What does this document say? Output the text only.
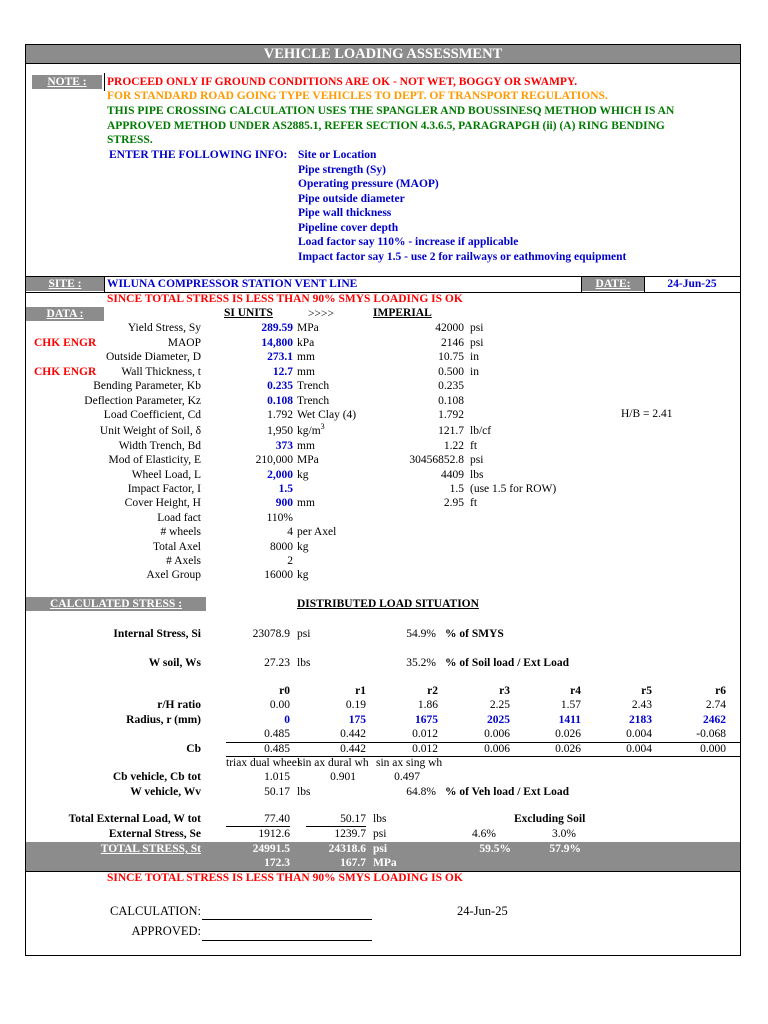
VEHICLE LOADING ASSESSMENT
NOTE :	PROCEED ONLY IF GROUND CONDITIONS ARE OK - NOT WET, BOGGY OR SWAMPY.
FOR STANDARD ROAD GOING TYPE VEHICLES TO DEPT. OF TRANSPORT REGULATIONS.
THIS PIPE CROSSING CALCULATION USES THE SPANGLER AND BOUSSINESQ METHOD WHICH IS AN
APPROVED METHOD UNDER AS2885.1, REFER SECTION 4.3.6.5, PARAGRAPGH (ii) (A) RING BENDING
STRESS.
ENTER THE FOLLOWING INFO: Site or Location
Pipe strength (Sy)
Operating pressure (MAOP)
Pipe outside diameter
Pipe wall thickness
Pipeline cover depth
Load factor say 110% - increase if applicable
Impact factor say 1.5 - use 2 for railways or eathmoving equipment
SITE :	WILUNA COMPRESSOR STATION VENT LINE	DATE:	24-Jun-25
SINCE TOTAL STRESS IS LESS THAN 90% SMYS LOADING IS OK
DATA :	SI UNITS	>>>>	IMPERIAL
Yield Stress, Sy	289.59 MPa	42000 psi
CHK ENGR	MAOP	14,800 kPa	2146 psi
Outside Diameter, D	273.1 mm	10.75 in
CHK ENGR	Wall Thickness, t	12.7 mm	0.500 in
Bending Parameter, Kb	0.235 Trench	0.235
Deflection Parameter, Kz	0.108 Trench	0.108
Load Coefficient, Cd	1.792 Wet Clay (4)	1.792
Unit Weight of Soil, δ	1,950 $kg/m^3$	121.7 lb/cf
Width Trench, Bd	373 mm	1.22 ft
Mod of Elasticity, E	210,000 MPa	30456852.8 psi
Wheel Load, L	2,000 kg	4409 lbs
Impact Factor, I	1.5	1.5 (use 1.5 for ROW)
Cover Height, H	900 mm	2.95 ft
Load fact	110%
# wheels	4 per Axel
Total Axel	8000 kg
# Axels	2
Axel Group	16000 kg
H/B = 2.41
CALCULATED STRESS :	DISTRIBUTED LOAD SITUATION
Internal Stress, Si	23078.9 psi	54.9% % of SMYS
W soil, Ws	27.23 lbs	35.2% % of Soil load / Ext Load
r0	r1	r2	r3	r4	r5	r6
r/H ratio	0.00	0.19	1.86	2.25	1.57	2.43	2.74
Radius, r (mm)	0	175	1675	2025	1411	2183	2462
0.485	0.442	0.012	0.006	0.026	0.004	-0.068
Cb	0.485	0.442	0.012	0.006	0.026	0.004	0.000
triax dual wheel
sin ax dural wh sin ax sing wh
Cb vehicle, Cb tot	1.015	0.901	0.497
W vehicle, Wv	50.17 lbs	64.8% % of Veh load / Ext Load
Total External Load, W tot	77.40	50.17 lbs	Excluding Soil
External Stress, Se	1912.6	1239.7 psi	4.6%	3.0%
TOTAL STRESS, St	24991.5	24318.6 psi	59.5%	57.9%
172.3	167.7 MPa
SINCE TOTAL STRESS IS LESS THAN 90% SMYS LOADING IS OK
CALCULATION:	24-Jun-25
APPROVED:
